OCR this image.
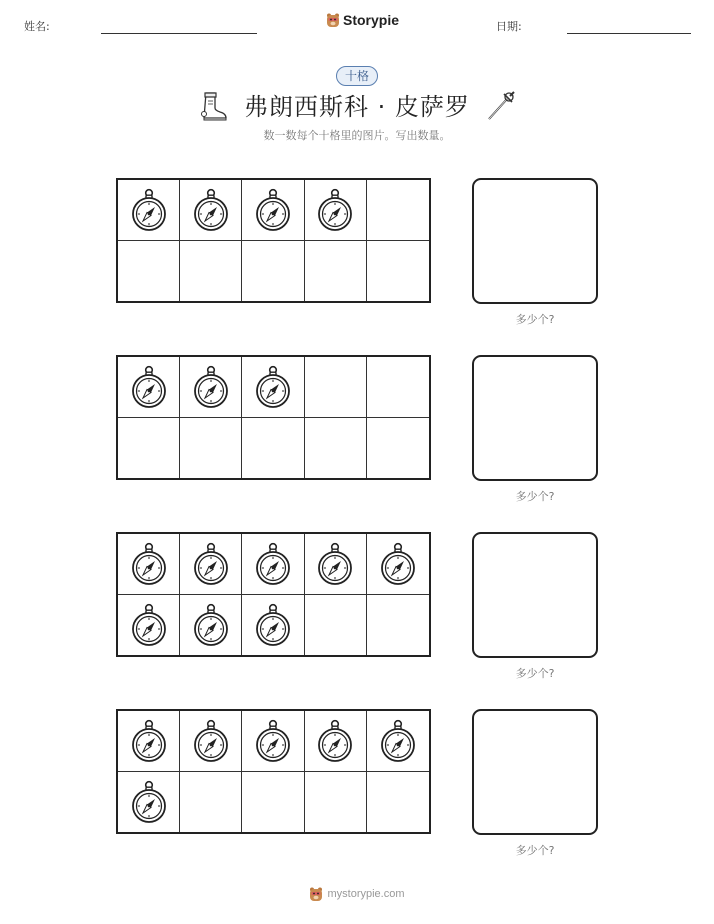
姓名:	Storypie	日期:
十格
弗朗西斯科 · 皮萨罗
数一数每个十格里的图片。写出数量。
多少个?
多少个?
多少个?
多少个?
mystorypie.com
